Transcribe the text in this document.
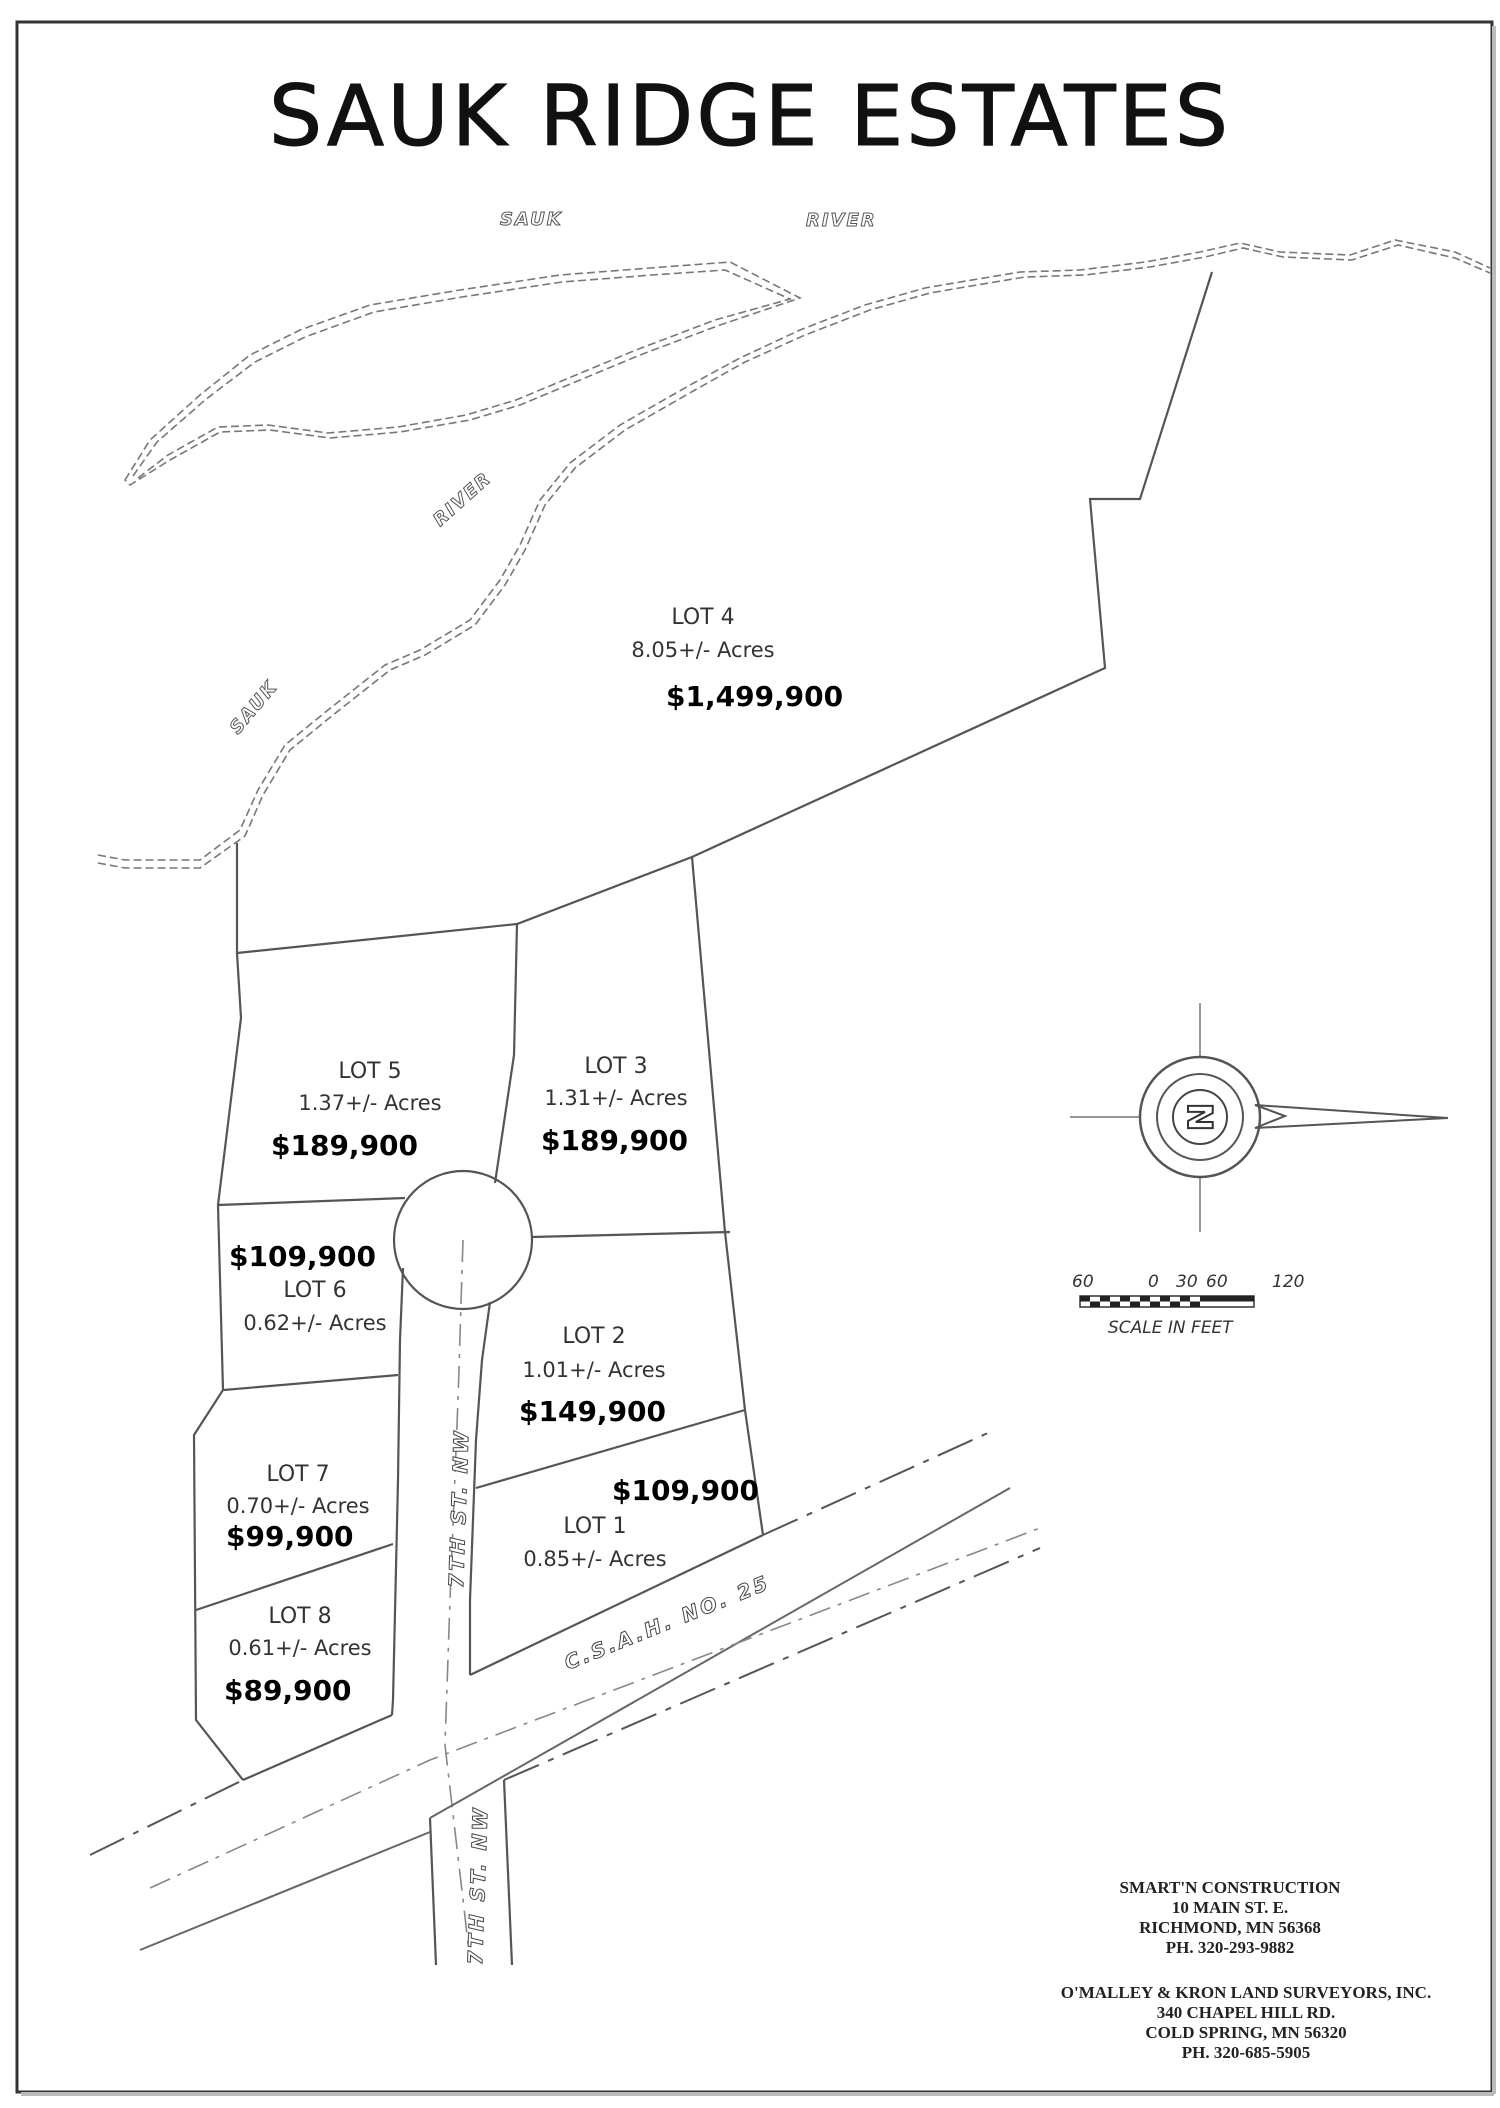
SAUK RIDGE ESTATES
SAUK	RIVER
RIVER
SAUK
LOT 4
8.05+/- Acres
$1,499,900
LOT 5
1.37+/- Acres
$189,900
LOT 3
1.31+/- Acres
$189,900
$109,900
LOT 6
0.62+/- Acres
LOT 2
1.01+/- Acres
$149,900
LOT 7
0.70+/- Acres
$99,900
$109,900
LOT 1
0.85+/- Acres
LOT 8
0.61+/- Acres
$89,900
7TH ST. NW
7TH ST. NW
C.S.A.H. NO. 25
N
60	0 30 60	120
SCALE IN FEET
SMART'N CONSTRUCTION
10 MAIN ST. E.
RICHMOND, MN 56368
PH. 320-293-9882
O'MALLEY & KRON LAND SURVEYORS, INC.
340 CHAPEL HILL RD.
COLD SPRING, MN 56320
PH. 320-685-5905
